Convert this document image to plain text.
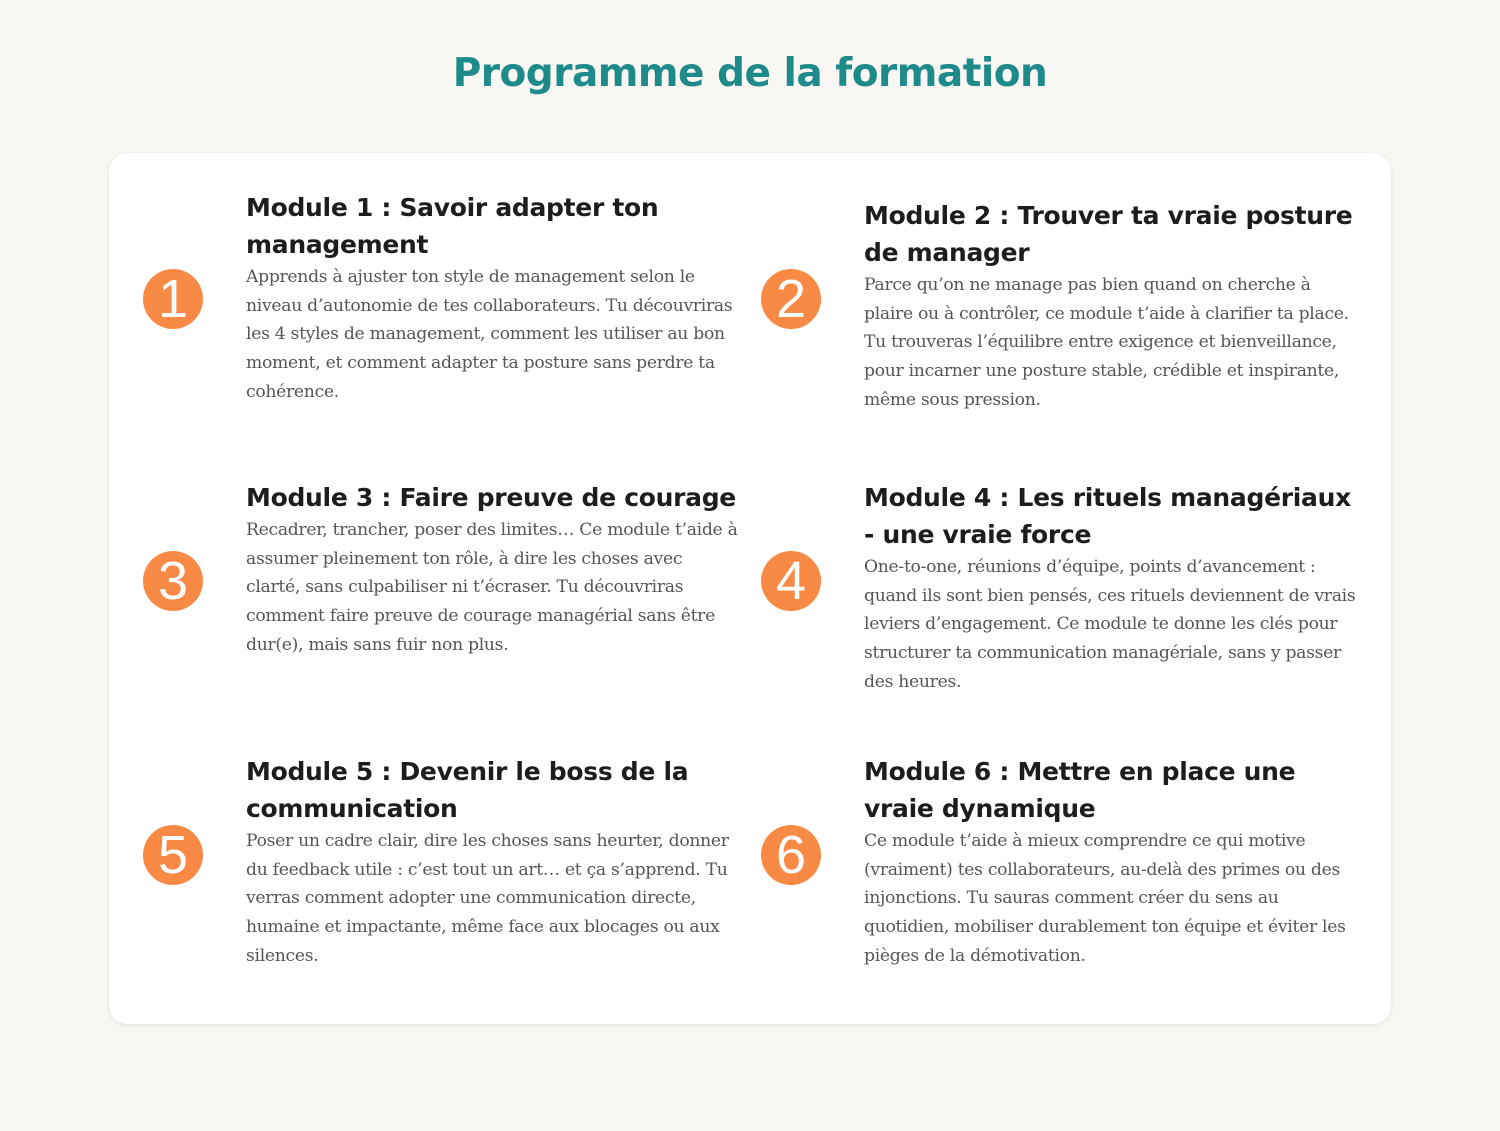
Programme de la formation
1
Module 1 : Savoir adapter ton management

Apprends à ajuster ton style de management selon le niveau d’autonomie de tes collaborateurs. Tu découvriras les 4 styles de management, comment les utiliser au bon moment, et comment adapter ta posture sans perdre ta cohérence.

2
Module 2 : Trouver ta vraie posture de manager

Parce qu’on ne manage pas bien quand on cherche à plaire ou à contrôler, ce module t’aide à clarifier ta place. Tu trouveras l’équilibre entre exigence et bienveillance, pour incarner une posture stable, crédible et inspirante, même sous pression.

3
Module 3 : Faire preuve de courage

Recadrer, trancher, poser des limites… Ce module t’aide à assumer pleinement ton rôle, à dire les choses avec clarté, sans culpabiliser ni t’écraser. Tu découvriras comment faire preuve de courage managérial sans être dur(e), mais sans fuir non plus.

4
Module 4 : Les rituels managériaux - une vraie force

One-to-one, réunions d’équipe, points d’avancement : quand ils sont bien pensés, ces rituels deviennent de vrais leviers d’engagement. Ce module te donne les clés pour structurer ta communication managériale, sans y passer des heures.

5
Module 5 : Devenir le boss de la communication

Poser un cadre clair, dire les choses sans heurter, donner du feedback utile : c’est tout un art… et ça s’apprend. Tu verras comment adopter une communication directe, humaine et impactante, même face aux blocages ou aux silences.

6
Module 6 : Mettre en place une vraie dynamique

Ce module t’aide à mieux comprendre ce qui motive (vraiment) tes collaborateurs, au-delà des primes ou des injonctions. Tu sauras comment créer du sens au quotidien, mobiliser durablement ton équipe et éviter les pièges de la démotivation.
